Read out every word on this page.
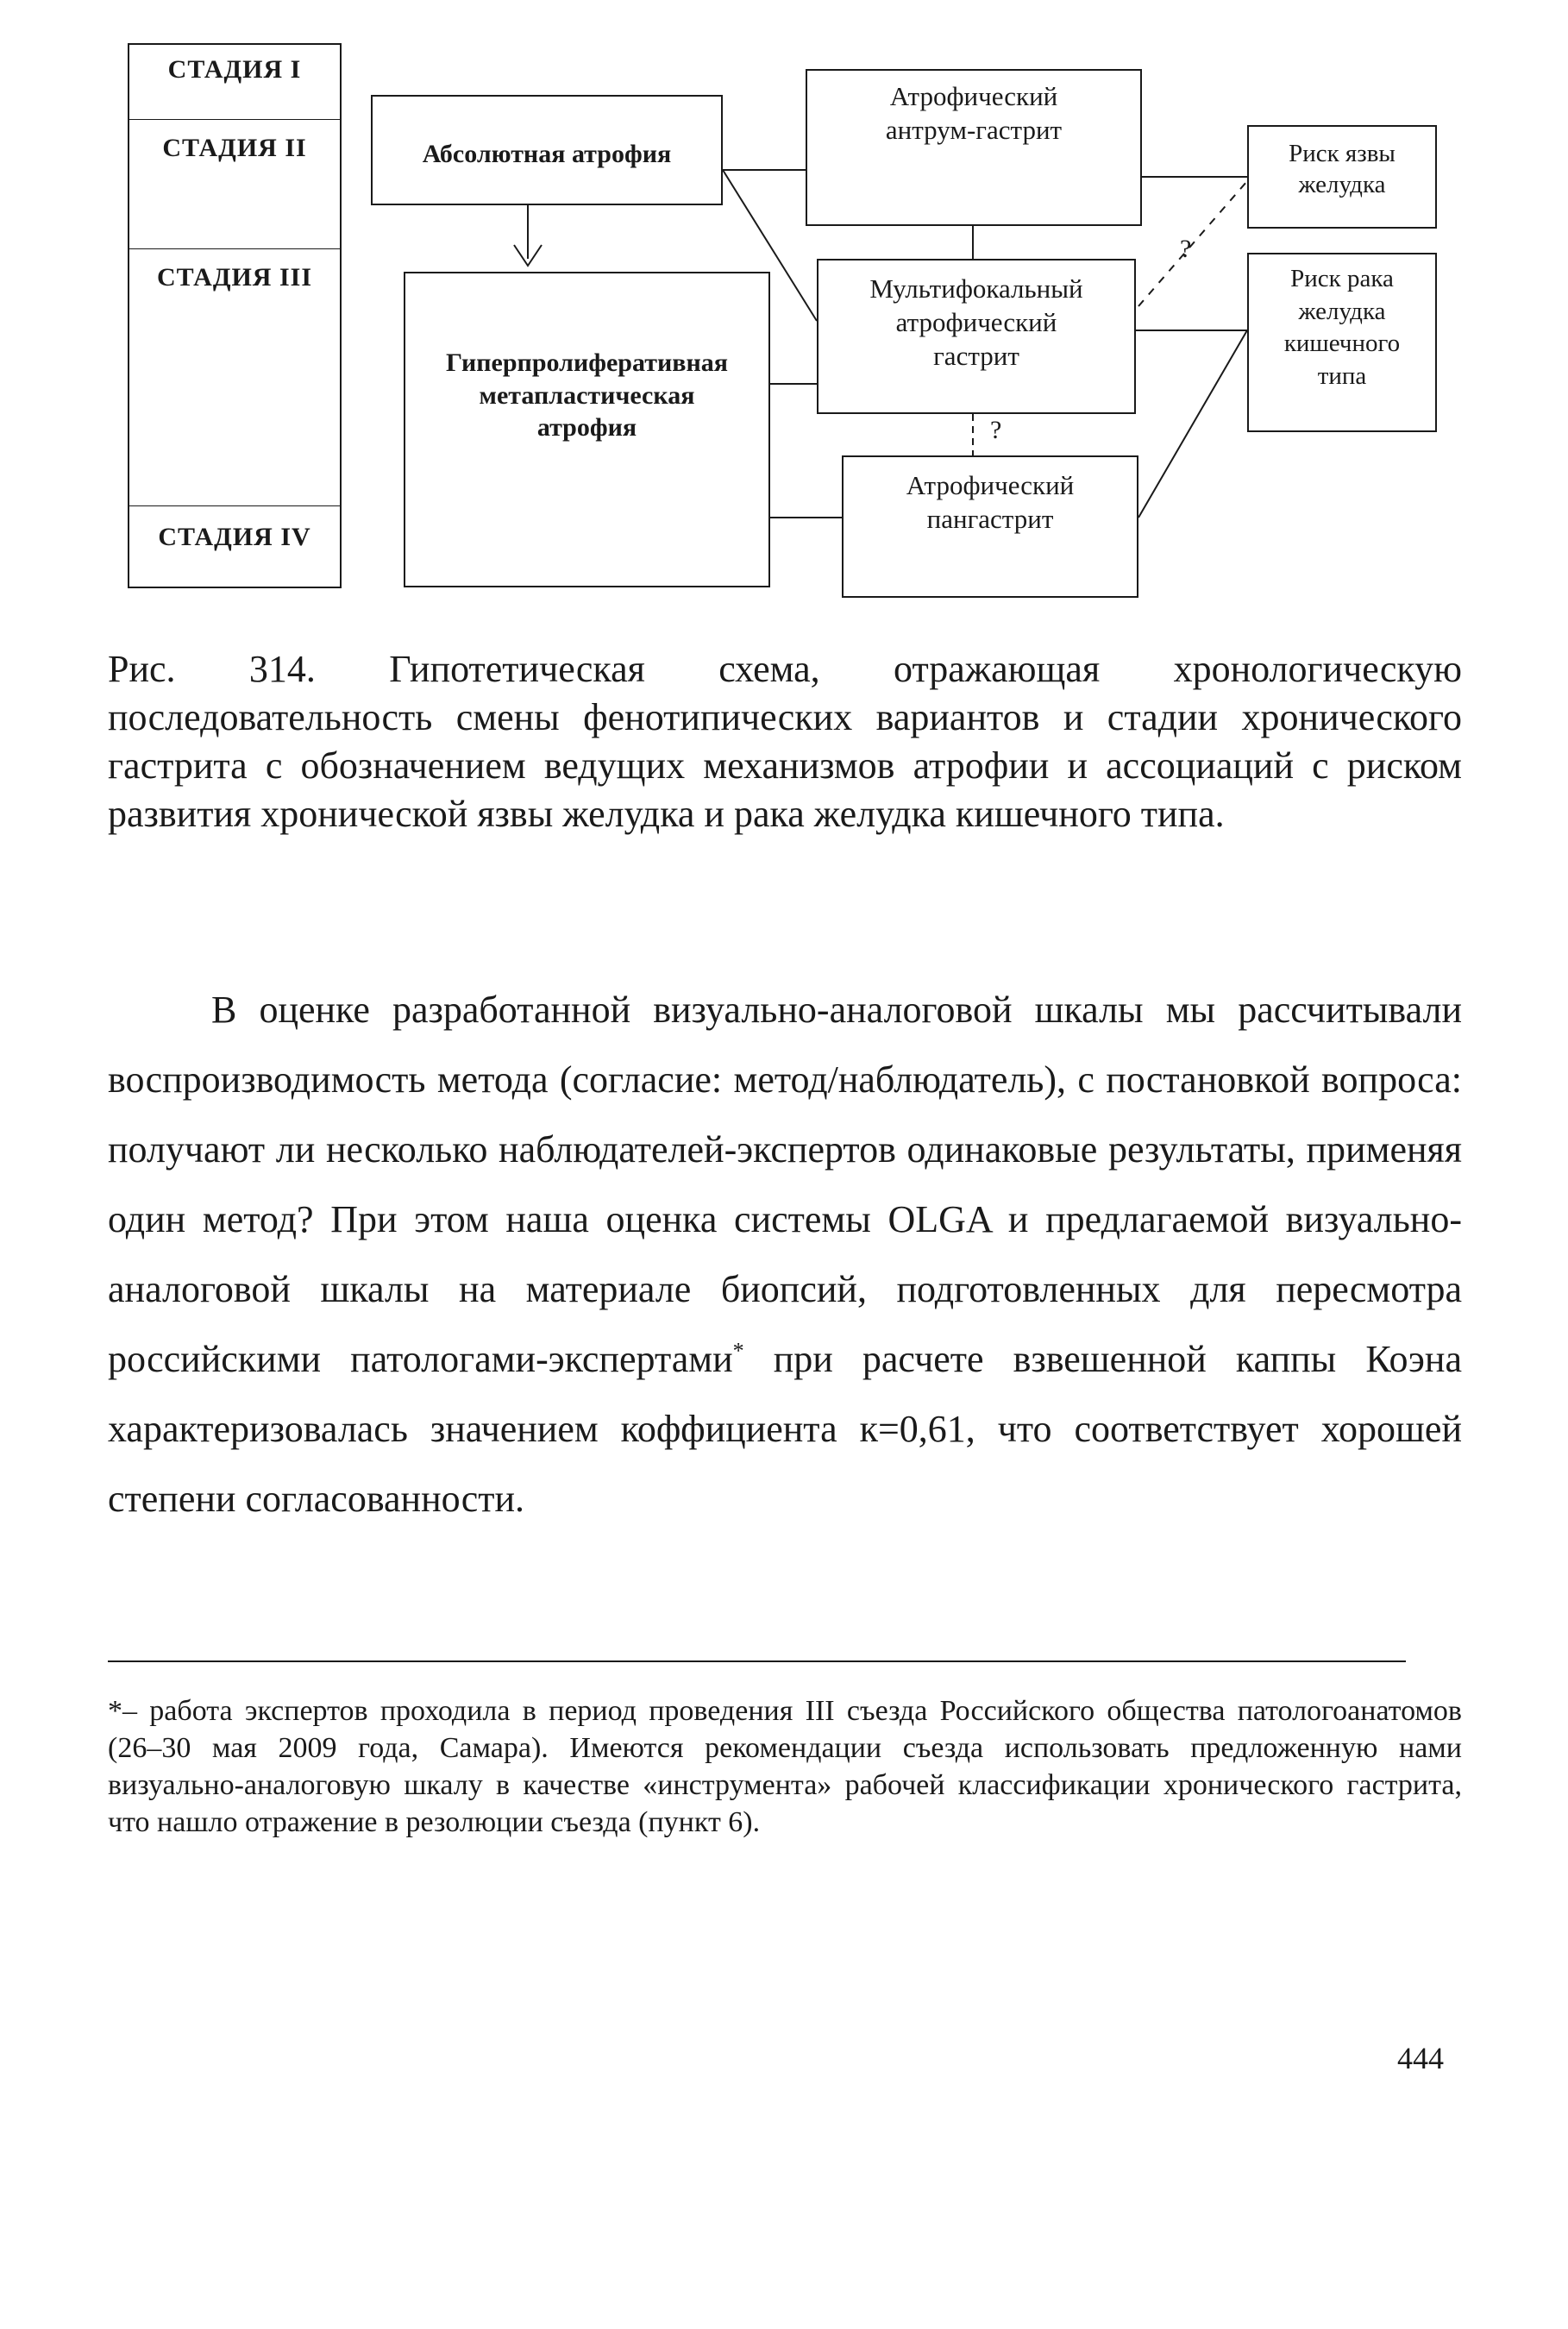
СТАДИЯ I
СТАДИЯ II
СТАДИЯ III
СТАДИЯ IV
Абсолютная атрофия
Гиперпролиферативная
метапластическая
атрофия
Атрофический
антрум-гастрит
Мультифокальный
атрофический
гастрит
Атрофический
пангастрит
Риск язвы
желудка
Риск рака
желудка
кишечного
типа
?
?

Рис. 314. Гипотетическая схема, отражающая хронологическую последовательность смены фенотипических вариантов и стадии хронического гастрита с обозначением ведущих механизмов атрофии и ассоциаций с риском развития хронической язвы желудка и рака желудка кишечного типа.

В оценке разработанной визуально-аналоговой шкалы мы рассчитывали воспроизводимость метода (согласие: метод/наблюдатель), с постановкой вопроса: получают ли несколько наблюдателей-экспертов одинаковые результаты, применяя один метод? При этом наша оценка системы OLGA и предлагаемой визуально-аналоговой шкалы на материале биопсий, подготовленных для пересмотра российскими патологами-экспертами* при расчете взвешенной каппы Коэна характеризовалась значением коффициента к=0,61, что соответствует хорошей степени согласованности.

*– работа экспертов проходила в период проведения III съезда Российского общества патологоанатомов (26–30 мая 2009 года, Самара). Имеются рекомендации съезда использовать предложенную нами визуально-аналоговую шкалу в качестве «инструмента» рабочей классификации хронического гастрита, что нашло отражение в резолюции съезда (пункт 6).

444
